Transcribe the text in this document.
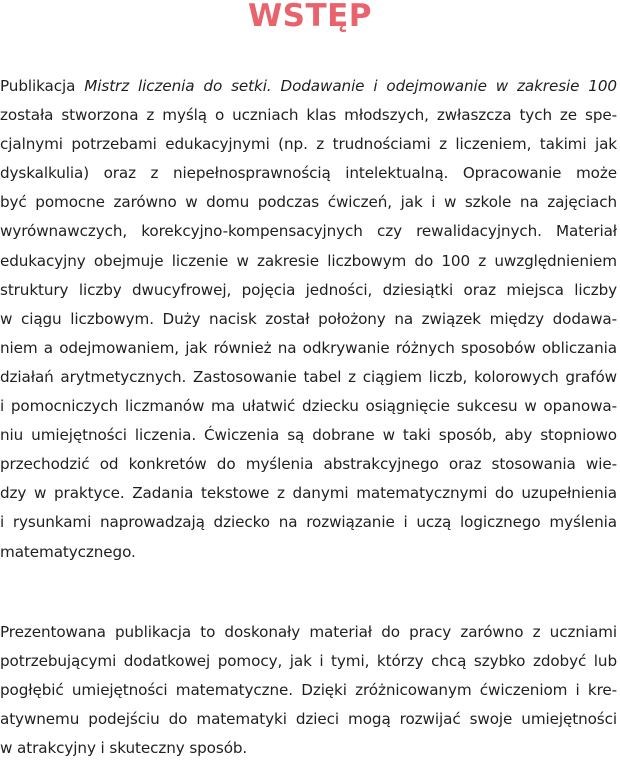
WSTĘP
Publikacja Mistrz liczenia do setki. Dodawanie i odejmowanie w zakresie 100
została stworzona z myślą o uczniach klas młodszych, zwłaszcza tych ze spe-
cjalnymi potrzebami edukacyjnymi (np. z trudnościami z liczeniem, takimi jak
dyskalkulia) oraz z niepełnosprawnością intelektualną. Opracowanie może
być pomocne zarówno w domu podczas ćwiczeń, jak i w szkole na zajęciach
wyrównawczych, korekcyjno-kompensacyjnych czy rewalidacyjnych. Materiał
edukacyjny obejmuje liczenie w zakresie liczbowym do 100 z uwzględnieniem
struktury liczby dwucyfrowej, pojęcia jedności, dziesiątki oraz miejsca liczby
w ciągu liczbowym. Duży nacisk został położony na związek między dodawa-
niem a odejmowaniem, jak również na odkrywanie różnych sposobów obliczania
działań arytmetycznych. Zastosowanie tabel z ciągiem liczb, kolorowych grafów
i pomocniczych liczmanów ma ułatwić dziecku osiągnięcie sukcesu w opanowa-
niu umiejętności liczenia. Ćwiczenia są dobrane w taki sposób, aby stopniowo
przechodzić od konkretów do myślenia abstrakcyjnego oraz stosowania wie-
dzy w praktyce. Zadania tekstowe z danymi matematycznymi do uzupełnienia
i rysunkami naprowadzają dziecko na rozwiązanie i uczą logicznego myślenia
matematycznego.
Prezentowana publikacja to doskonały materiał do pracy zarówno z uczniami
potrzebującymi dodatkowej pomocy, jak i tymi, którzy chcą szybko zdobyć lub
pogłębić umiejętności matematyczne. Dzięki zróżnicowanym ćwiczeniom i kre-
atywnemu podejściu do matematyki dzieci mogą rozwijać swoje umiejętności
w atrakcyjny i skuteczny sposób.
